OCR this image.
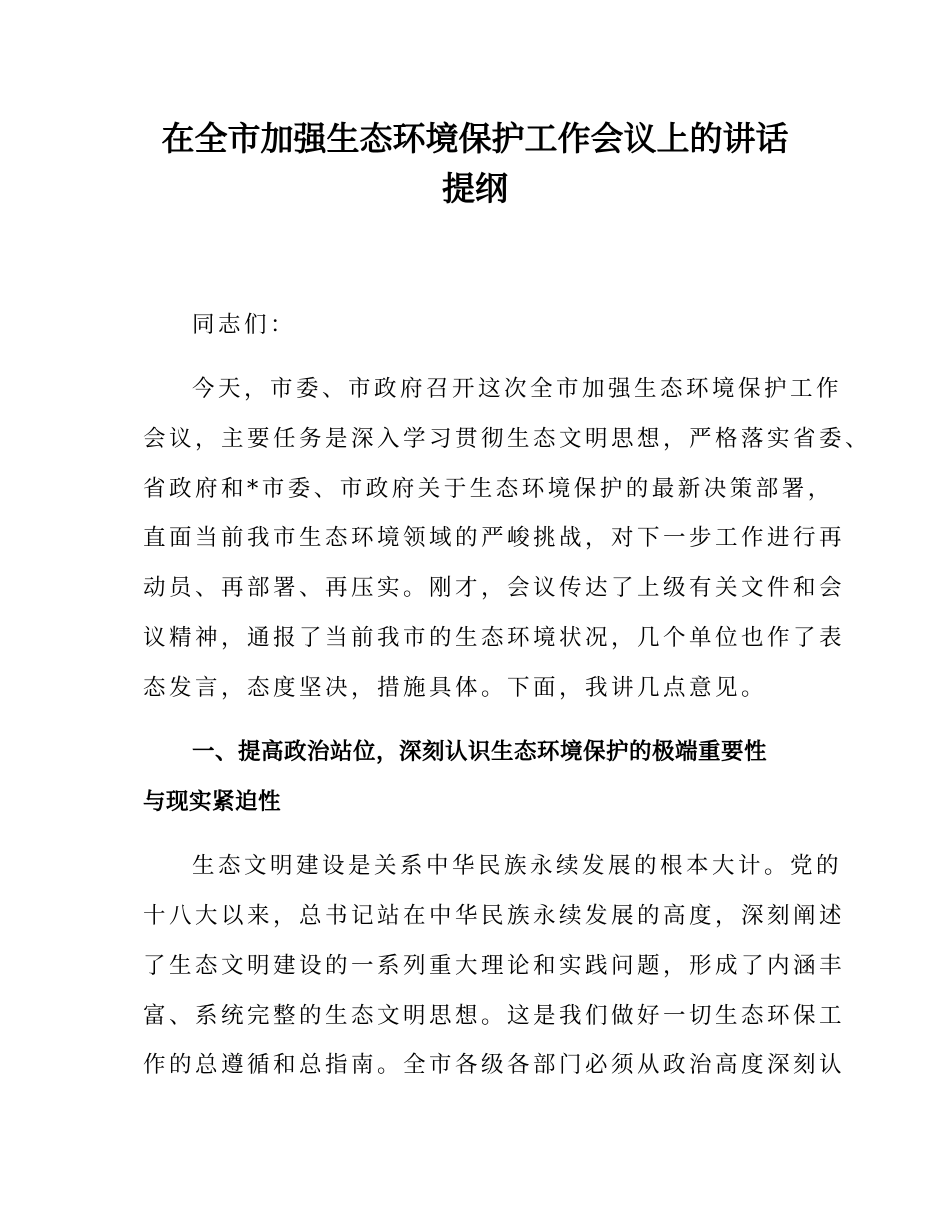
在全市加强生态环境保护工作会议上的讲话
提纲

同志们：

今天，市委、市政府召开这次全市加强生态环境保护工作

会议，主要任务是深入学习贯彻生态文明思想，严格落实省委、

省政府和*市委、市政府关于生态环境保护的最新决策部署，

直面当前我市生态环境领域的严峻挑战，对下一步工作进行再

动员、再部署、再压实。刚才，会议传达了上级有关文件和会

议精神，通报了当前我市的生态环境状况，几个单位也作了表

态发言，态度坚决，措施具体。下面，我讲几点意见。

一、提高政治站位，深刻认识生态环境保护的极端重要性

与现实紧迫性

生态文明建设是关系中华民族永续发展的根本大计。党的

十八大以来，总书记站在中华民族永续发展的高度，深刻阐述

了生态文明建设的一系列重大理论和实践问题，形成了内涵丰

富、系统完整的生态文明思想。这是我们做好一切生态环保工

作的总遵循和总指南。全市各级各部门必须从政治高度深刻认
